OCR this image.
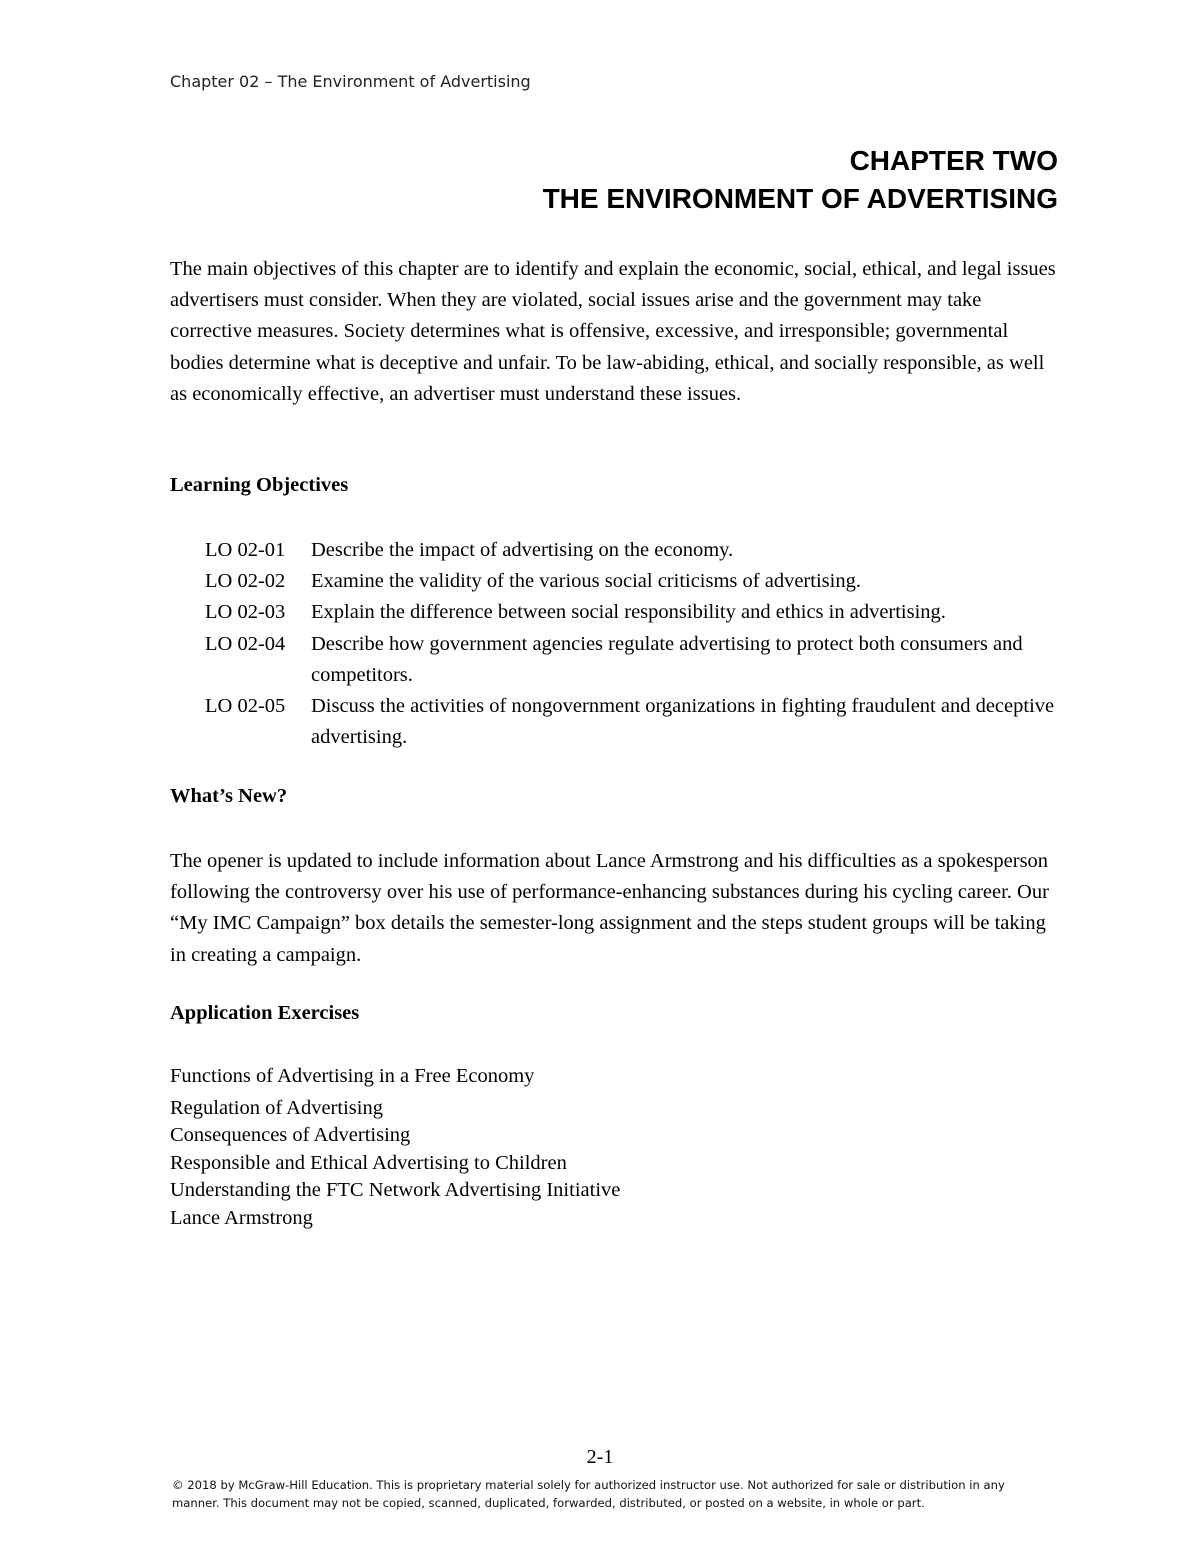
Chapter 02 – The Environment of Advertising
CHAPTER TWO
THE ENVIRONMENT OF ADVERTISING

The main objectives of this chapter are to identify and explain the economic, social, ethical, and legal issues advertisers must consider. When they are violated, social issues arise and the government may take corrective measures. Society determines what is offensive, excessive, and irresponsible; governmental bodies determine what is deceptive and unfair. To be law-abiding, ethical, and socially responsible, as well as economically effective, an advertiser must understand these issues.

Learning Objectives
LO 02-01	Describe the impact of advertising on the economy.
LO 02-02	Examine the validity of the various social criticisms of advertising.
LO 02-03	Explain the difference between social responsibility and ethics in advertising.
LO 02-04	Describe how government agencies regulate advertising to protect both consumers and competitors.
LO 02-05	Discuss the activities of nongovernment organizations in fighting fraudulent and deceptive advertising.
What’s New?

The opener is updated to include information about Lance Armstrong and his difficulties as a spokesperson following the controversy over his use of performance-enhancing substances during his cycling career. Our “My IMC Campaign” box details the semester-long assignment and the steps student groups will be taking in creating a campaign.

Application Exercises
Functions of Advertising in a Free Economy
Regulation of Advertising
Consequences of Advertising
Responsible and Ethical Advertising to Children
Understanding the FTC Network Advertising Initiative
Lance Armstrong
2-1
© 2018 by McGraw-Hill Education. This is proprietary material solely for authorized instructor use. Not authorized for sale or distribution in any manner. This document may not be copied, scanned, duplicated, forwarded, distributed, or posted on a website, in whole or part.
